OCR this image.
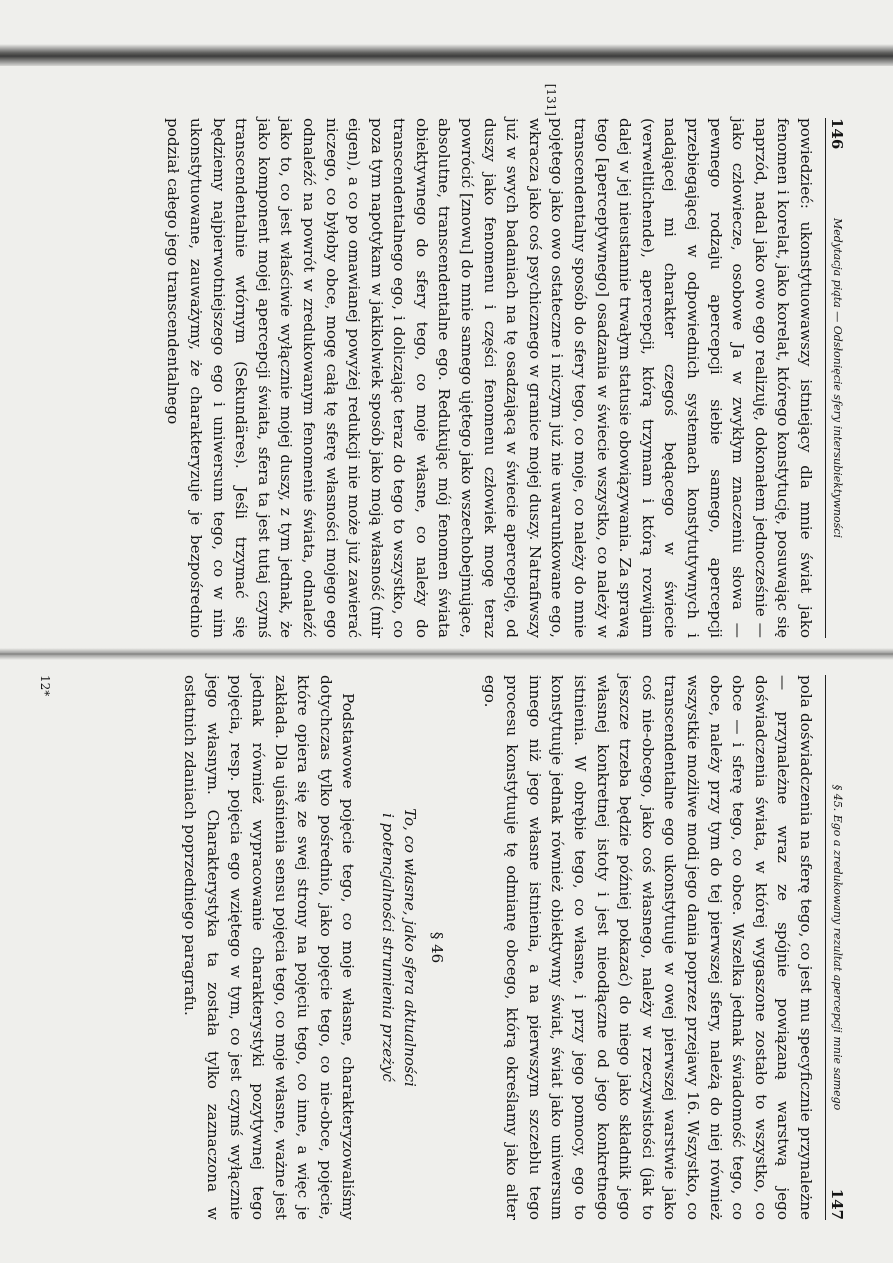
146
Medytacja piąta — Odsłonięcie sfery intersubiektywności

powiedzieć: ukonstytuowawszy istniejący dla mnie świat jako fenomen i korelat, jako korelat, którego konstytucję, posuwając się naprzód, nadal jako owo ego realizuję, dokonałem jednocześnie — jako człowiecze, osobowe Ja w zwykłym znaczeniu słowa — pewnego rodzaju apercepcji siebie samego, apercepcji przebiegającej w odpowiednich systemach konstytutywnych i nadającej mi charakter czegoś będącego w świecie (verweltlichende), apercepcji, którą trzymam i którą rozwijam dalej w jej nieustannie trwałym statusie obowiązywania. Za sprawą tego [aperceptywnego] osadzania w świecie wszystko, co należy w transcendentalny sposób do sfery tego, co moje, co należy do mnie pojętego jako owo ostateczne i niczym już nie uwarunkowane ego, wkracza jako coś psychicznego w granice mojej duszy. Natrafiwszy już w swych badaniach na tę osadzającą w świecie apercepcję, od duszy jako fenomenu i części fenomenu człowiek mogę teraz powrócić [znowu] do mnie samego ujętego jako wszechobejmujące, absolutne, transcendentalne ego. Redukując mój fenomen świata obiektywnego do sfery tego, co moje własne, co należy do transcendentalnego ego, i doliczając teraz do tego to wszystko, co poza tym napotykam w jakikolwiek sposób jako moją własność (mir eigen), a co po omawianej powyżej redukcji nie może już zawierać niczego, co byłoby obce, mogę całą tę sferę własności mojego ego odnaleźć na powrót w zredukowanym fenomenie świata, odnaleźć jako to, co jest właściwie wyłącznie mojej duszy, z tym jednak, że jako komponent mojej apercepcji świata, sfera ta jest tutaj czymś transcendentalnie wtórnym (Sekundäres). Jeśli trzymać się będziemy najpierwotniejszego ego i uniwersum tego, co w nim ukonstytuowane, zauważymy, że charakteryzuje je bezpośrednio podział całego jego transcendentalnego

[131]
§ 45. Ego a zredukowany rezultat apercepcji mnie samego
147

pola doświadczenia na sferę tego, co jest mu specyficznie przynależne — przynależne wraz ze spójnie powiązaną warstwą jego doświadczenia świata, w której wygaszone zostało to wszystko, co obce — i sferę tego, co obce. Wszelka jednak świadomość tego, co obce, należy przy tym do tej pierwszej sfery, należą do niej również wszystkie możliwe modi jego dania poprzez przejawy 16. Wszystko, co transcendentalne ego ukonstytuuje w owej pierwszej warstwie jako coś nie-obcego, jako coś własnego, należy w rzeczywistości (jak to jeszcze trzeba będzie później pokazać) do niego jako składnik jego własnej konkretnej istoty i jest nieodłączne od jego konkretnego istnienia. W obrębie tego, co własne, i przy jego pomocy, ego to konstytuuje jednak również obiektywny świat, świat jako uniwersum innego niż jego własne istnienia, a na pierwszym szczeblu tego procesu konstytuuje tę odmianę obcego, którą określamy jako alter ego.

§ 46
To, co własne, jako sfera aktualności
i potencjalności strumienia przeżyć

Podstawowe pojęcie tego, co moje własne, charakteryzowaliśmy dotychczas tylko pośrednio, jako pojęcie tego, co nie-obce, pojęcie, które opiera się ze swej strony na pojęciu tego, co inne, a więc je zakłada. Dla ujaśnienia sensu pojęcia tego, co moje własne, ważne jest jednak również wypracowanie charakterystyki pozytywnej tego pojęcia, resp. pojęcia ego wziętego w tym, co jest czymś wyłącznie jego własnym. Charakterystyka ta została tylko zaznaczona w ostatnich zdaniach poprzedniego paragrafu.

12*
